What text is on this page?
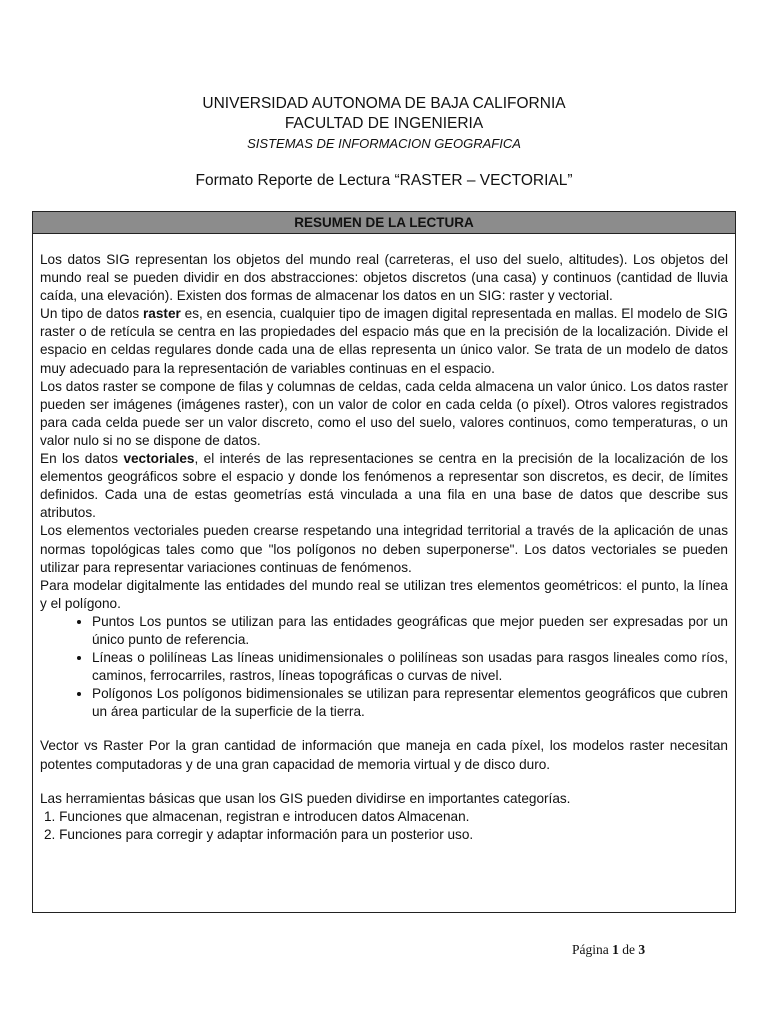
UNIVERSIDAD AUTONOMA DE BAJA CALIFORNIA
FACULTAD DE INGENIERIA
SISTEMAS DE INFORMACION GEOGRAFICA
Formato Reporte de Lectura “RASTER – VECTORIAL”
RESUMEN DE LA LECTURA

Los datos SIG representan los objetos del mundo real (carreteras, el uso del suelo, altitudes). Los objetos del mundo real se pueden dividir en dos abstracciones: objetos discretos (una casa) y continuos (cantidad de lluvia caída, una elevación). Existen dos formas de almacenar los datos en un SIG: raster y vectorial.

Un tipo de datos raster es, en esencia, cualquier tipo de imagen digital representada en mallas. El modelo de SIG raster o de retícula se centra en las propiedades del espacio más que en la precisión de la localización. Divide el espacio en celdas regulares donde cada una de ellas representa un único valor. Se trata de un modelo de datos muy adecuado para la representación de variables continuas en el espacio.

Los datos raster se compone de filas y columnas de celdas, cada celda almacena un valor único. Los datos raster pueden ser imágenes (imágenes raster), con un valor de color en cada celda (o píxel). Otros valores registrados para cada celda puede ser un valor discreto, como el uso del suelo, valores continuos, como temperaturas, o un valor nulo si no se dispone de datos.

En los datos vectoriales, el interés de las representaciones se centra en la precisión de la localización de los elementos geográficos sobre el espacio y donde los fenómenos a representar son discretos, es decir, de límites definidos. Cada una de estas geometrías está vinculada a una fila en una base de datos que describe sus atributos.

Los elementos vectoriales pueden crearse respetando una integridad territorial a través de la aplicación de unas normas topológicas tales como que "los polígonos no deben superponerse". Los datos vectoriales se pueden utilizar para representar variaciones continuas de fenómenos.

Para modelar digitalmente las entidades del mundo real se utilizan tres elementos geométricos: el punto, la línea y el polígono.

• Puntos Los puntos se utilizan para las entidades geográficas que mejor pueden ser expresadas por un único punto de referencia.
• Líneas o polilíneas Las líneas unidimensionales o polilíneas son usadas para rasgos lineales como ríos, caminos, ferrocarriles, rastros, líneas topográficas o curvas de nivel.
• Polígonos Los polígonos bidimensionales se utilizan para representar elementos geográficos que cubren un área particular de la superficie de la tierra.

Vector vs Raster Por la gran cantidad de información que maneja en cada píxel, los modelos raster necesitan potentes computadoras y de una gran capacidad de memoria virtual y de disco duro.

Las herramientas básicas que usan los GIS pueden dividirse en importantes categorías.

1. Funciones que almacenan, registran e introducen datos Almacenan.
2. Funciones para corregir y adaptar información para un posterior uso.
Página 1 de 3
